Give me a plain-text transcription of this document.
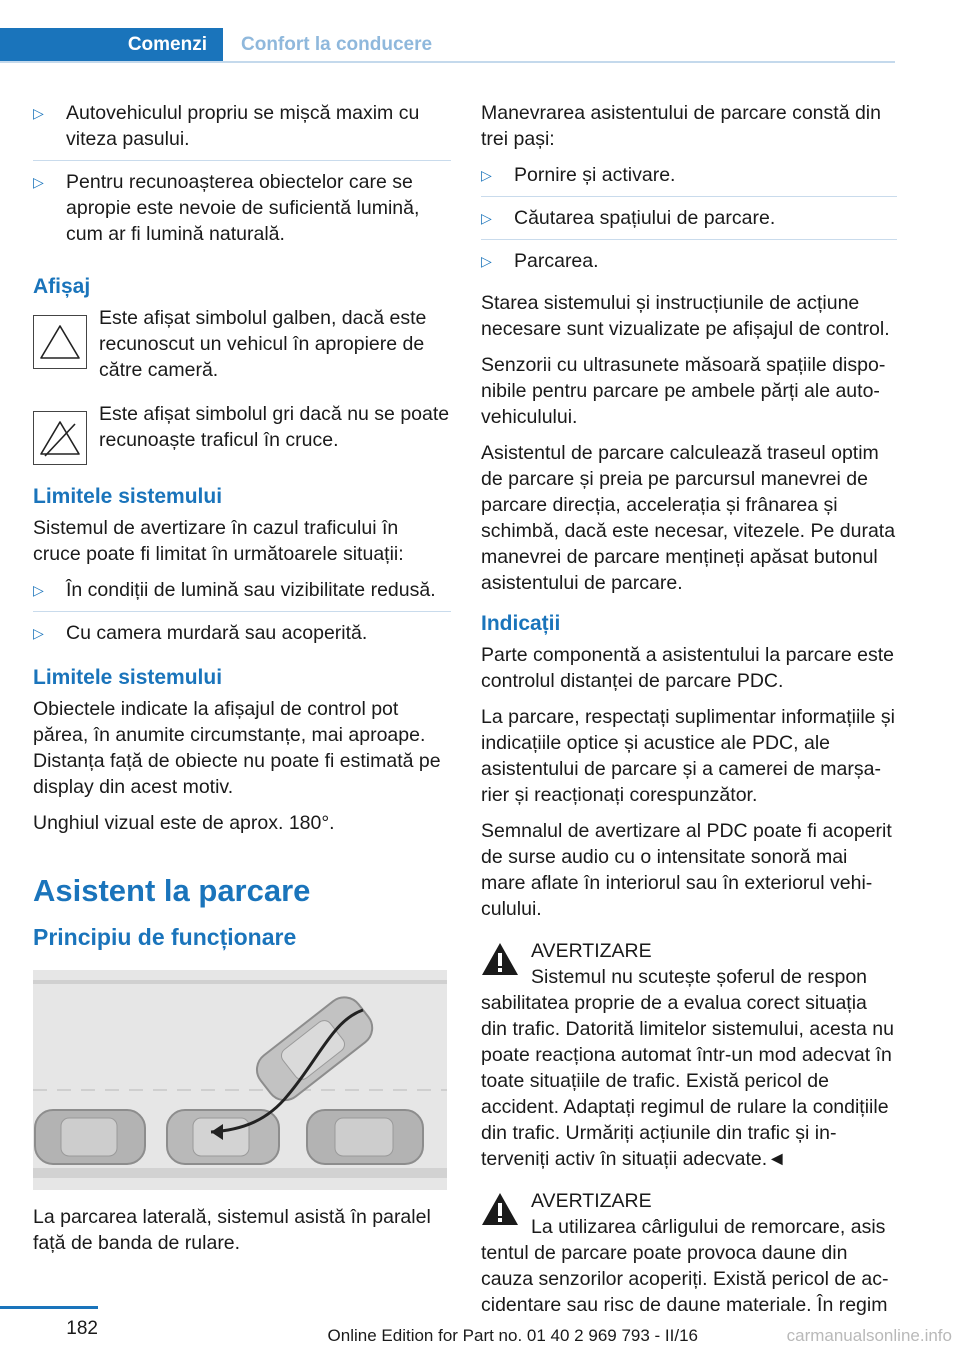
Comenzi	Confort la conducere
▷ Autovehiculul propriu se mișcă maxim cu viteza pasului.
▷ Pentru recunoașterea obiectelor care se apropie este nevoie de suficientă lumină, cum ar fi lumină naturală.
Afișaj

Este afișat simbolul galben, dacă este recunoscut un vehicul în apropiere de către cameră.

Este afișat simbolul gri dacă nu se poate recunoaște traficul în cruce.

Limitele sistemului

Sistemul de avertizare în cazul traficului în cruce poate fi limitat în următoarele situații:

▷ În condiții de lumină sau vizibilitate redusă.
▷ Cu camera murdară sau acoperită.
Limitele sistemului

Obiectele indicate la afișajul de control pot părea, în anumite circumstanțe, mai aproape. Distanța față de obiecte nu poate fi estimată pe display din acest motiv.

Unghiul vizual este de aprox. 180°.

Asistent la parcare
Principiu de funcționare

La parcarea laterală, sistemul asistă în paralel față de banda de rulare.

Manevrarea asistentului de parcare constă din trei pași:

▷ Pornire și activare.
▷ Căutarea spațiului de parcare.
▷ Parcarea.

Starea sistemului și instrucțiunile de acțiune necesare sunt vizualizate pe afișajul de control.

Senzorii cu ultrasunete măsoară spațiile disponibile pentru parcare pe ambele părți ale autovehiculului.

Asistentul de parcare calculează traseul optim de parcare și preia pe parcursul manevrei de parcare direcția, accelerația și frânarea și schimbă, dacă este necesar, vitezele. Pe durata manevrei de parcare mențineți apăsat butonul asistentului de parcare.

Indicații

Parte componentă a asistentului la parcare este controlul distanței de parcare PDC.

La parcare, respectați suplimentar informațiile și indicațiile optice și acustice ale PDC, ale asistentului de parcare și a camerei de marșarier și reacționați corespunzător.

Semnalul de avertizare al PDC poate fi acoperit de surse audio cu o intensitate sonoră mai mare aflate în interiorul sau în exteriorul vehiculului.

AVERTIZARE
Sistemul nu scutește șoferul de respon
sabilitatea proprie de a evalua corect situația din trafic. Datorită limitelor sistemului, acesta nu poate reacționa automat într-un mod adecvat în toate situațiile de trafic. Există pericol de accident. Adaptați regimul de rulare la condițiile din trafic. Urmăriți acțiunile din trafic și interveniți activ în situații adecvate.◄
AVERTIZARE
La utilizarea cârligului de remorcare, asis
tentul de parcare poate provoca daune din cauza senzorilor acoperiți. Există pericol de accidentare sau risc de daune materiale. În regim
182	Online Edition for Part no. 01 40 2 969 793 - II/16	carmanualsonline.info
